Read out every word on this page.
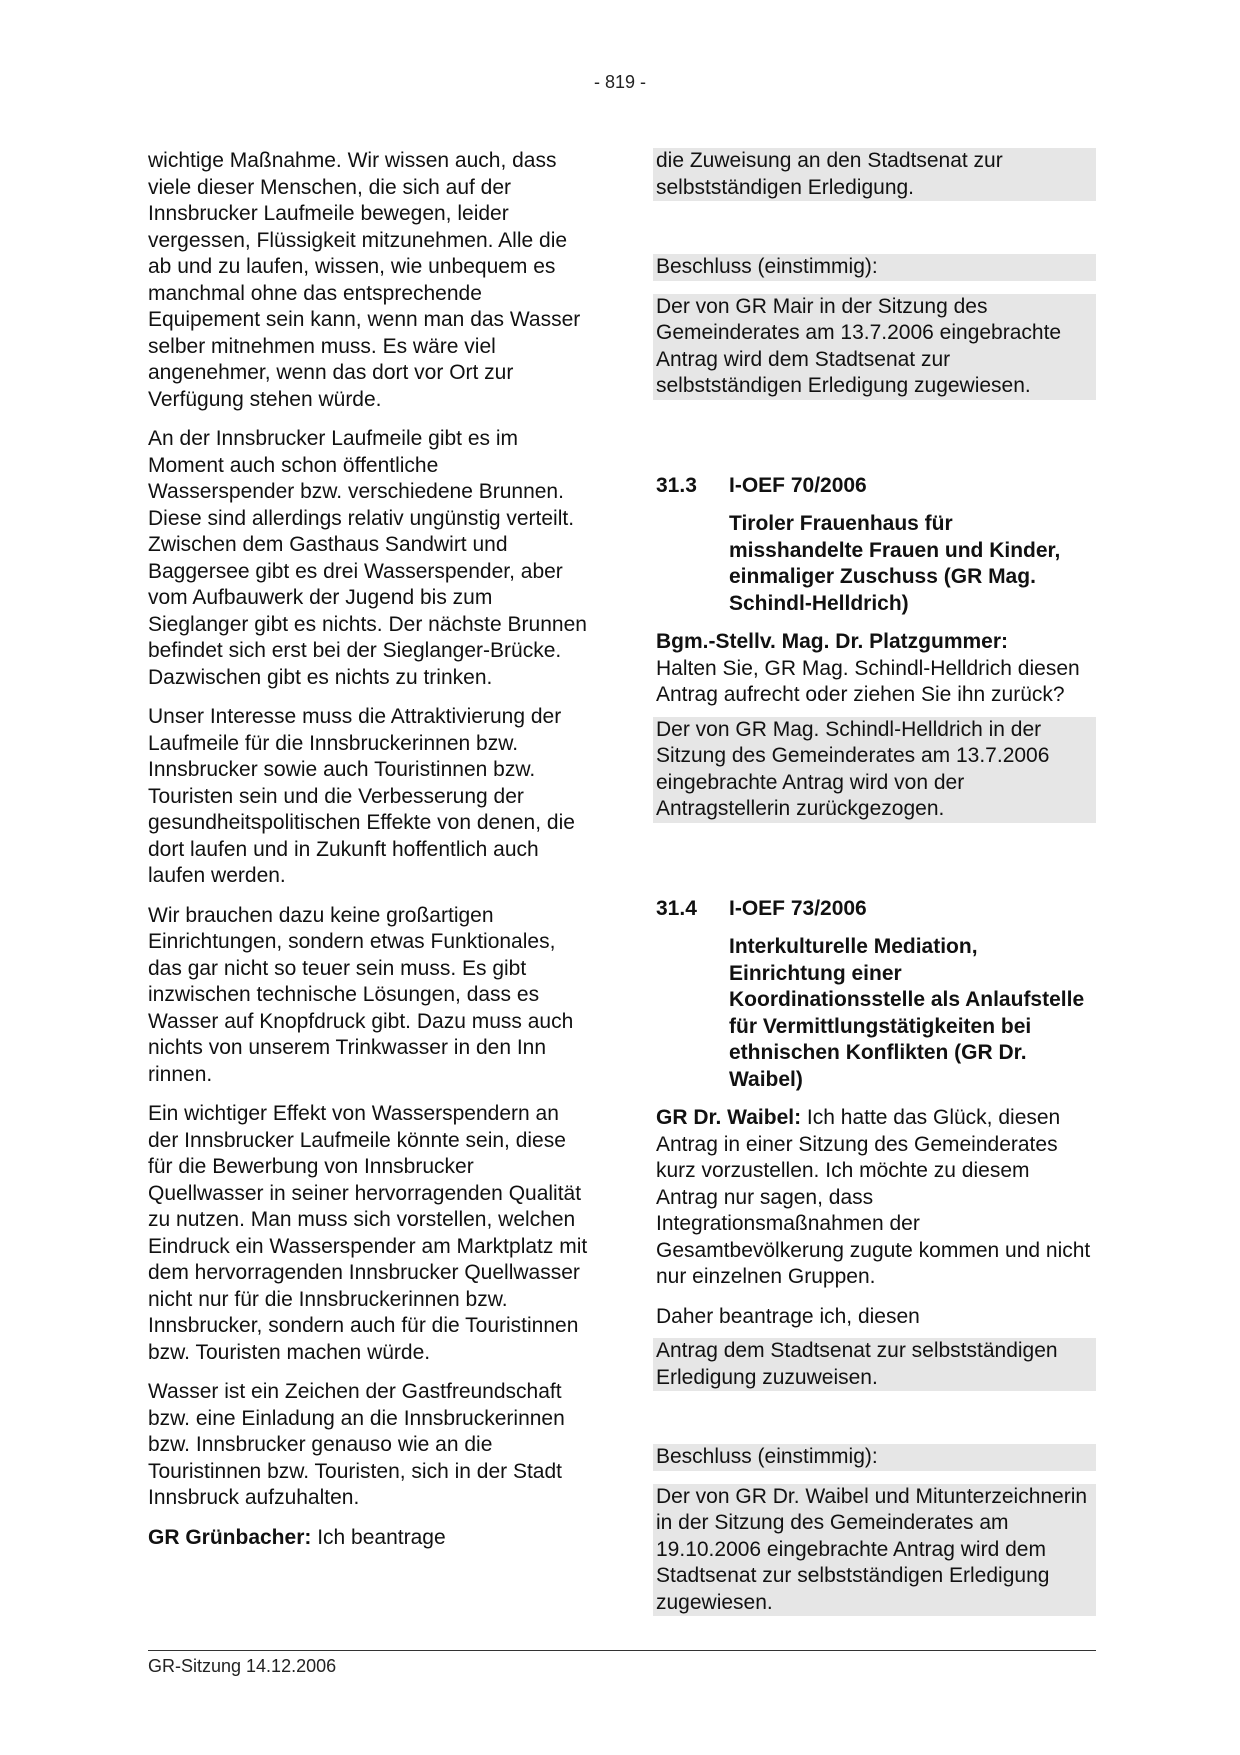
- 819 -

wichtige Maßnahme. Wir wissen auch, dass viele dieser Menschen, die sich auf der Innsbrucker Laufmeile bewegen, leider vergessen, Flüssigkeit mitzunehmen. Alle die ab und zu laufen, wissen, wie unbequem es manchmal ohne das entsprechende Equipement sein kann, wenn man das Wasser selber mitnehmen muss. Es wäre viel angenehmer, wenn das dort vor Ort zur Verfügung stehen würde.

An der Innsbrucker Laufmeile gibt es im Moment auch schon öffentliche Wasserspender bzw. verschiedene Brunnen. Diese sind allerdings relativ ungünstig verteilt. Zwischen dem Gasthaus Sandwirt und Baggersee gibt es drei Wasserspender, aber vom Aufbauwerk der Jugend bis zum Sieglanger gibt es nichts. Der nächste Brunnen befindet sich erst bei der Sieglanger-Brücke. Dazwischen gibt es nichts zu trinken.

Unser Interesse muss die Attraktivierung der Laufmeile für die Innsbruckerinnen bzw. Innsbrucker sowie auch Touristinnen bzw. Touristen sein und die Verbesserung der gesundheitspolitischen Effekte von denen, die dort laufen und in Zukunft hoffentlich auch laufen werden.

Wir brauchen dazu keine großartigen Einrichtungen, sondern etwas Funktionales, das gar nicht so teuer sein muss. Es gibt inzwischen technische Lösungen, dass es Wasser auf Knopfdruck gibt. Dazu muss auch nichts von unserem Trinkwasser in den Inn rinnen.

Ein wichtiger Effekt von Wasserspendern an der Innsbrucker Laufmeile könnte sein, diese für die Bewerbung von Innsbrucker Quellwasser in seiner hervorragenden Qualität zu nutzen. Man muss sich vorstellen, welchen Eindruck ein Wasserspender am Marktplatz mit dem hervorragenden Innsbrucker Quellwasser nicht nur für die Innsbruckerinnen bzw. Innsbrucker, sondern auch für die Touristinnen bzw. Touristen machen würde.

Wasser ist ein Zeichen der Gastfreundschaft bzw. eine Einladung an die Innsbruckerinnen bzw. Innsbrucker genauso wie an die Touristinnen bzw. Touristen, sich in der Stadt Innsbruck aufzuhalten.

GR Grünbacher: Ich beantrage

die Zuweisung an den Stadtsenat zur selbstständigen Erledigung.

Beschluss (einstimmig):

Der von GR Mair in der Sitzung des Gemeinderates am 13.7.2006 eingebrachte Antrag wird dem Stadtsenat zur selbstständigen Erledigung zugewiesen.

31.3	I-OEF 70/2006

Tiroler Frauenhaus für misshandelte Frauen und Kinder, einmaliger Zuschuss (GR Mag. Schindl-Helldrich)

Bgm.-Stellv. Mag. Dr. Platzgummer:
Halten Sie, GR Mag. Schindl-Helldrich diesen Antrag aufrecht oder ziehen Sie ihn zurück?

Der von GR Mag. Schindl-Helldrich in der Sitzung des Gemeinderates am 13.7.2006 eingebrachte Antrag wird von der Antragstellerin zurückgezogen.

31.4	I-OEF 73/2006

Interkulturelle Mediation, Einrichtung einer Koordinationsstelle als Anlaufstelle für Vermittlungstätigkeiten bei ethnischen Konflikten (GR Dr. Waibel)

GR Dr. Waibel: Ich hatte das Glück, diesen Antrag in einer Sitzung des Gemeinderates kurz vorzustellen. Ich möchte zu diesem Antrag nur sagen, dass Integrationsmaßnahmen der Gesamtbevölkerung zugute kommen und nicht nur einzelnen Gruppen.

Daher beantrage ich, diesen

Antrag dem Stadtsenat zur selbstständigen Erledigung zuzuweisen.

Beschluss (einstimmig):

Der von GR Dr. Waibel und Mitunterzeichnerin in der Sitzung des Gemeinderates am 19.10.2006 eingebrachte Antrag wird dem Stadtsenat zur selbstständigen Erledigung zugewiesen.

GR-Sitzung 14.12.2006
